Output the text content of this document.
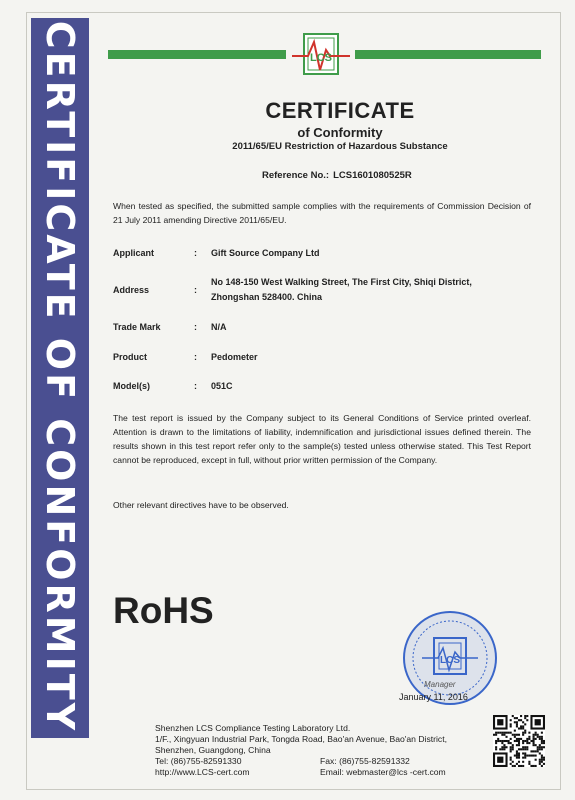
CERTIFICATE OF CONFORMITY	LCS
CERTIFICATE
of Conformity
2011/65/EU Restriction of Hazardous Substance
Reference No.: LCS1601080525R
When tested as specified, the submitted sample complies with the requirements of Commission Decision of 21 July 2011 amending Directive 2011/65/EU.
Applicant	: Gift Source Company Ltd
Address	:
No 148-150 West Walking Street, The First City, Shiqi District,
Zhongshan 528400. China
Trade Mark	: N/A
Product	: Pedometer
Model(s)	: 051C
The test report is issued by the Company subject to its General Conditions of Service printed overleaf. Attention is drawn to the limitations of liability, indemnification and jurisdictional issues defined therein. The results shown in this test report refer only to the sample(s) tested unless otherwise stated. This Test Report cannot be reproduced, except in full, without prior written permission of the Company.
Other relevant directives have to be observed.
RoHS
LCS
Manager
January 11, 2016
Shenzhen LCS Compliance Testing Laboratory Ltd.
1/F., Xingyuan Industrial Park, Tongda Road, Bao'an Avenue, Bao'an District,
Shenzhen, Guangdong, China
Tel: (86)755-82591330
http://www.LCS-cert.com
Fax: (86)755-82591332
Email: webmaster@lcs -cert.com
